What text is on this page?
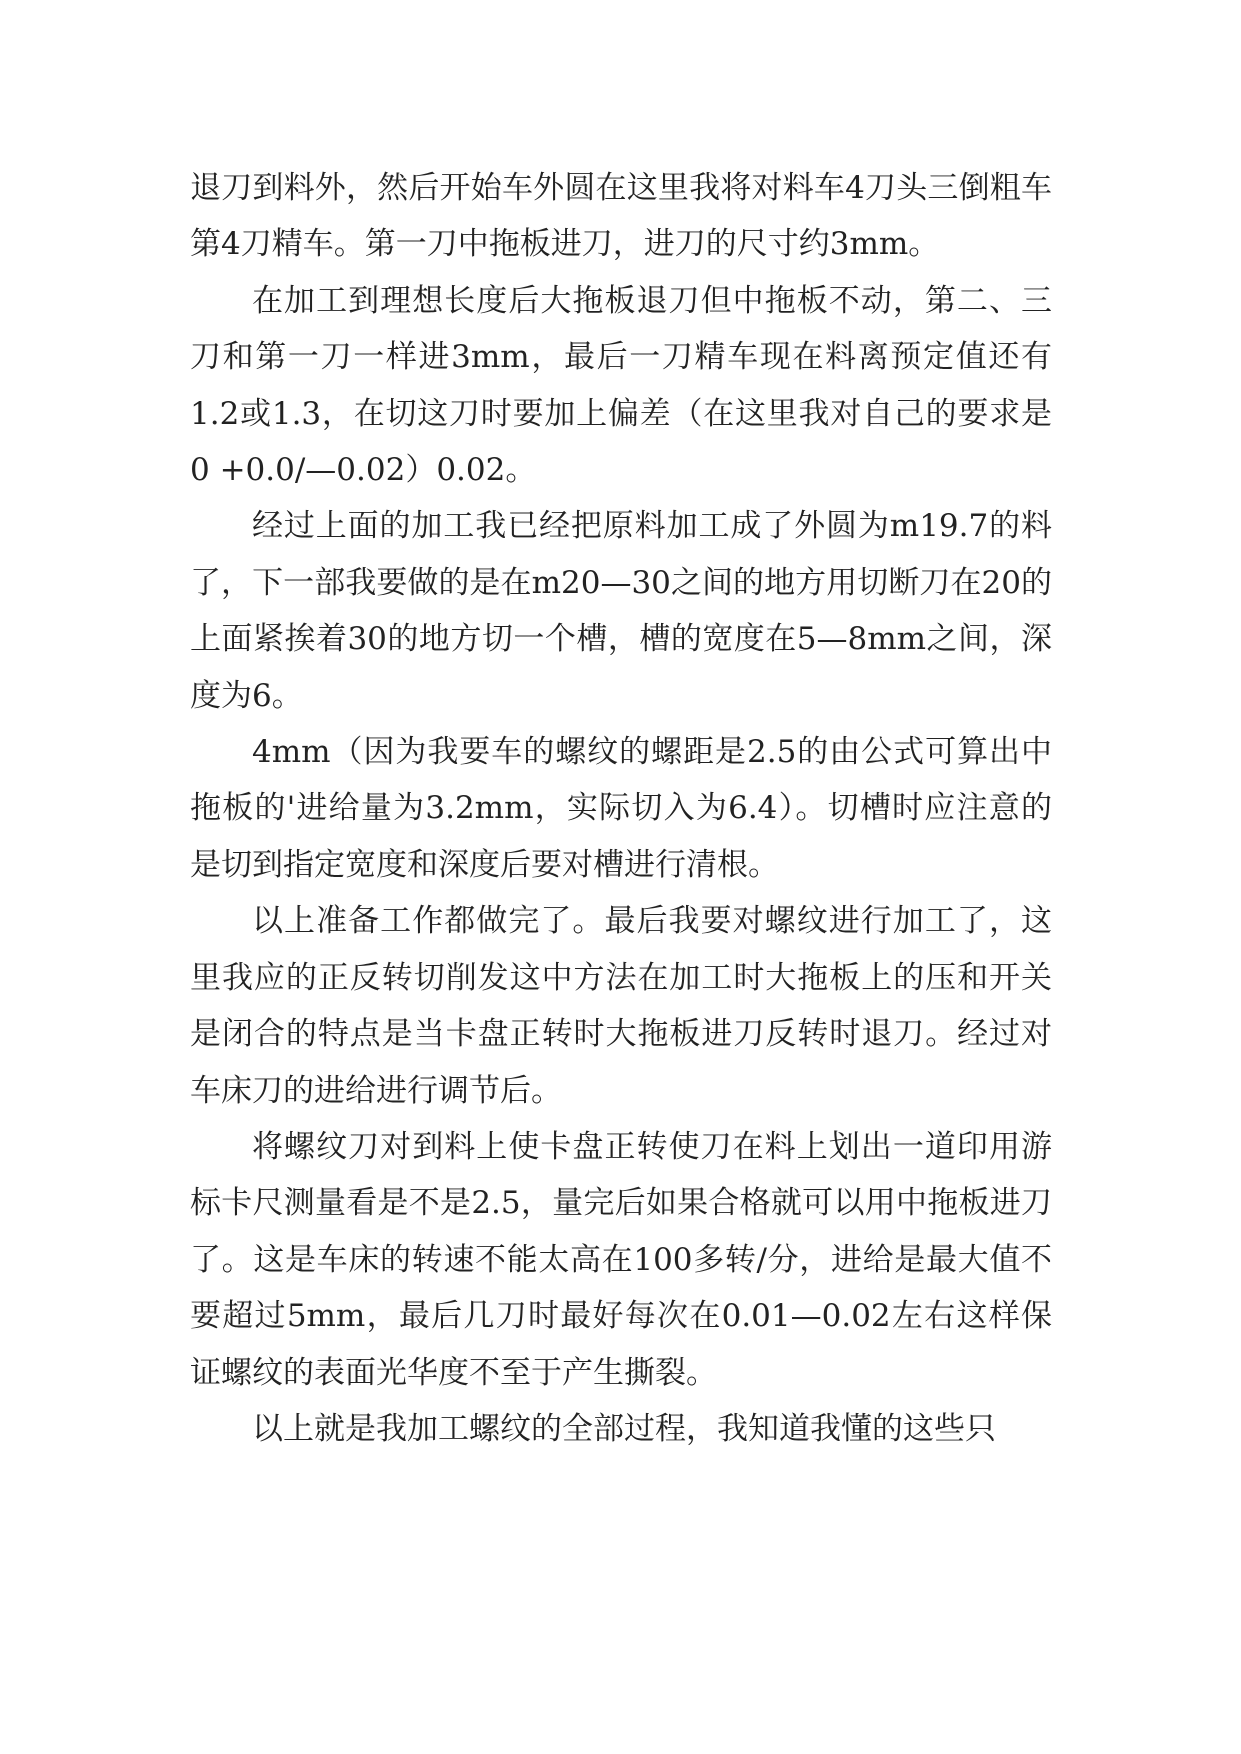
退刀到料外，然后开始车外圆在这里我将对料车4刀头三倒粗车第4刀精车。第一刀中拖板进刀，进刀的尺寸约3mm。

在加工到理想长度后大拖板退刀但中拖板不动，第二、三刀和第一刀一样进3mm，最后一刀精车现在料离预定值还有1.2或1.3，在切这刀时要加上偏差（在这里我对自己的要求是0 +0.0/—0.02）0.02。

经过上面的加工我已经把原料加工成了外圆为m19.7的料了，下一部我要做的是在m20—30之间的地方用切断刀在20的上面紧挨着30的地方切一个槽，槽的宽度在5—8mm之间，深度为6。

4mm（因为我要车的螺纹的螺距是2.5的由公式可算出中拖板的'进给量为3.2mm，实际切入为6.4）。切槽时应注意的是切到指定宽度和深度后要对槽进行清根。

以上准备工作都做完了。最后我要对螺纹进行加工了，这里我应的正反转切削发这中方法在加工时大拖板上的压和开关是闭合的特点是当卡盘正转时大拖板进刀反转时退刀。经过对车床刀的进给进行调节后。

将螺纹刀对到料上使卡盘正转使刀在料上划出一道印用游标卡尺测量看是不是2.5，量完后如果合格就可以用中拖板进刀了。这是车床的转速不能太高在100多转/分，进给是最大值不要超过5mm，最后几刀时最好每次在0.01—0.02左右这样保证螺纹的表面光华度不至于产生撕裂。

以上就是我加工螺纹的全部过程，我知道我懂的这些只
